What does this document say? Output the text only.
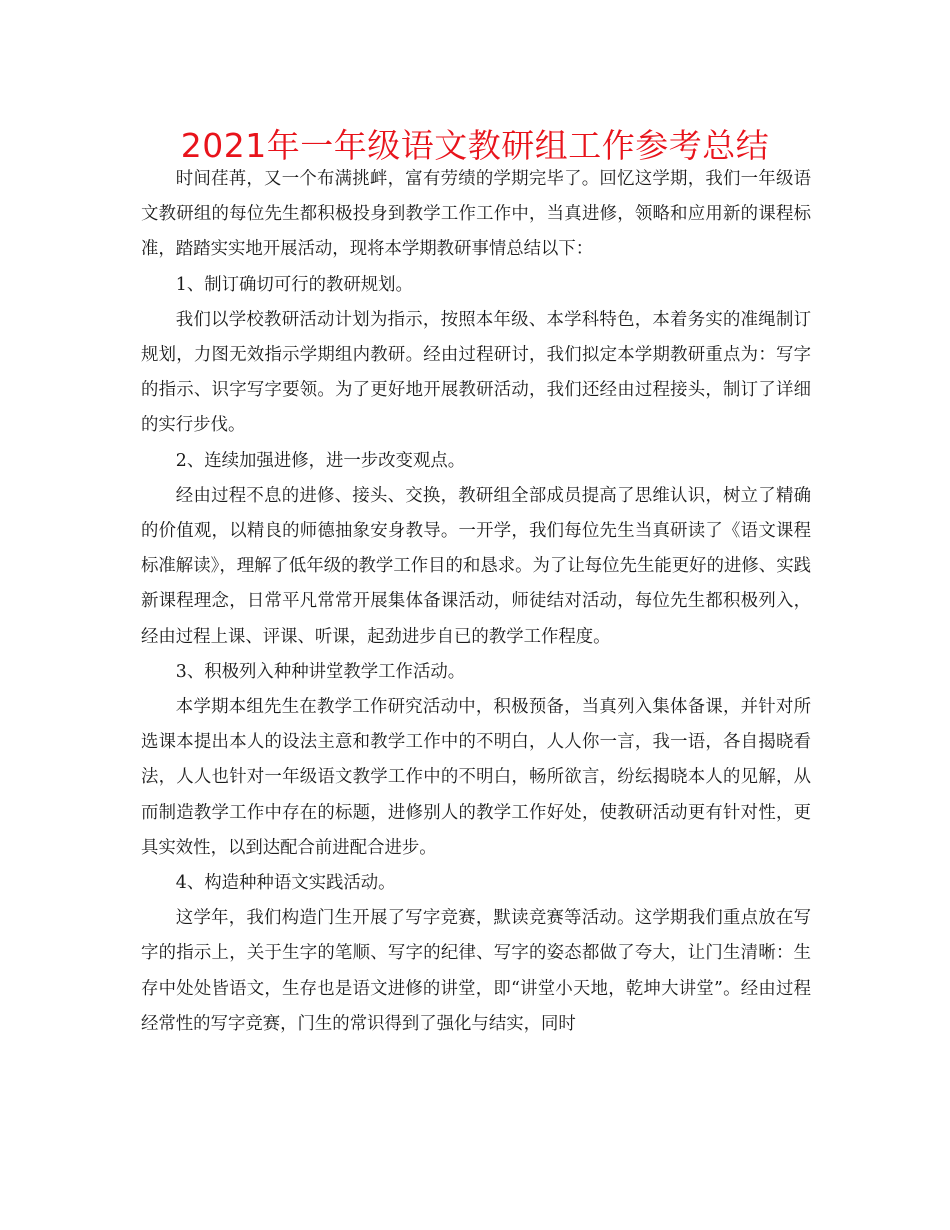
2021年一年级语文教研组工作参考总结

时间荏苒，又一个布满挑衅，富有劳绩的学期完毕了。回忆这学期，我们一年级语文教研组的每位先生都积极投身到教学工作工作中，当真进修，领略和应用新的课程标准，踏踏实实地开展活动，现将本学期教研事情总结以下：

1、制订确切可行的教研规划。

我们以学校教研活动计划为指示，按照本年级、本学科特色，本着务实的准绳制订规划，力图无效指示学期组内教研。经由过程研讨，我们拟定本学期教研重点为：写字的指示、识字写字要领。为了更好地开展教研活动，我们还经由过程接头，制订了详细的实行步伐。

2、连续加强进修，进一步改变观点。

经由过程不息的进修、接头、交换，教研组全部成员提高了思维认识，树立了精确的价值观，以精良的师德抽象安身教导。一开学，我们每位先生当真研读了《语文课程标准解读》，理解了低年级的教学工作目的和恳求。为了让每位先生能更好的进修、实践新课程理念，日常平凡常常开展集体备课活动，师徒结对活动，每位先生都积极列入，经由过程上课、评课、听课，起劲进步自已的教学工作程度。

3、积极列入种种讲堂教学工作活动。

本学期本组先生在教学工作研究活动中，积极预备，当真列入集体备课，并针对所选课本提出本人的设法主意和教学工作中的不明白，人人你一言，我一语，各自揭晓看法，人人也针对一年级语文教学工作中的不明白，畅所欲言，纷纭揭晓本人的见解，从而制造教学工作中存在的标题，进修别人的教学工作好处，使教研活动更有针对性，更具实效性，以到达配合前进配合进步。

4、构造种种语文实践活动。

这学年，我们构造门生开展了写字竞赛，默读竞赛等活动。这学期我们重点放在写字的指示上，关于生字的笔顺、写字的纪律、写字的姿态都做了夸大，让门生清晰：生存中处处皆语文，生存也是语文进修的讲堂，即“讲堂小天地，乾坤大讲堂”。经由过程经常性的写字竞赛，门生的常识得到了强化与结实，同时
